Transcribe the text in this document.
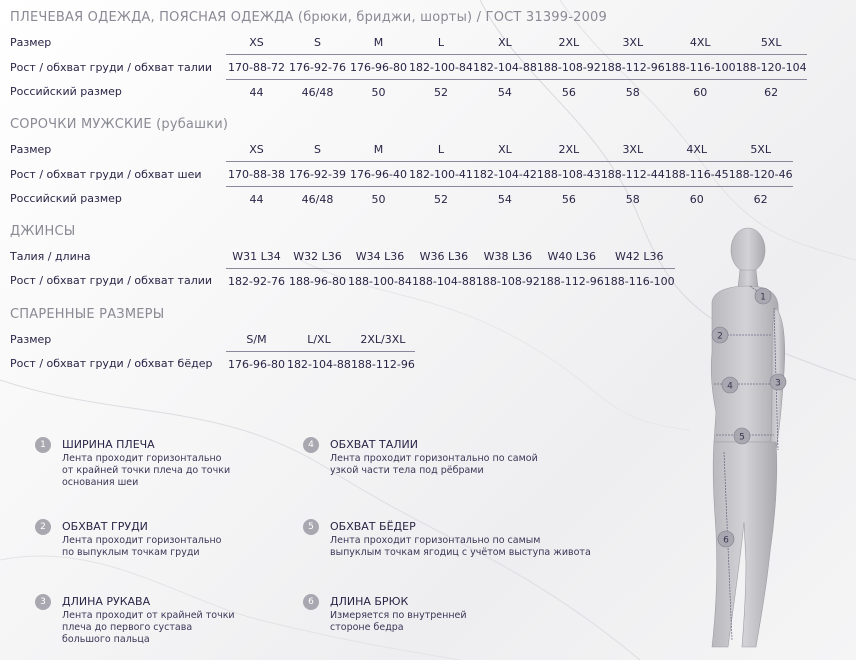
ПЛЕЧЕВАЯ ОДЕЖДА, ПОЯСНАЯ ОДЕЖДА (брюки, бриджи, шорты) / ГОСТ 31399-2009
Размер	XS	S	M	L	XL	2XL	3XL	4XL	5XL
Рост / обхват груди / обхват талии	170-88-72	176-92-76	176-96-80	182-100-84	182-104-88	188-108-92	188-112-96	188-116-100	188-120-104
Российский размер	44	46/48	50	52	54	56	58	60	62
СОРОЧКИ МУЖСКИЕ (рубашки)
Размер	XS	S	M	L	XL	2XL	3XL	4XL	5XL
Рост / обхват груди / обхват шеи	170-88-38	176-92-39	176-96-40	182-100-41	182-104-42	188-108-43	188-112-44	188-116-45	188-120-46
Российский размер	44	46/48	50	52	54	56	58	60	62
ДЖИНСЫ
Талия / длина	W31 L34	W32 L36	W34 L36	W36 L36	W38 L36	W40 L36	W42 L36
Рост / обхват груди / обхват талии	182-92-76	188-96-80	188-100-84	188-104-88	188-108-92	188-112-96	188-116-100
СПАРЕННЫЕ РАЗМЕРЫ
Размер	S/M	L/XL	2XL/3XL
Рост / обхват груди / обхват бёдер	176-96-80	182-104-88	188-112-96
1	ШИРИНА ПЛЕЧА
Лента проходит горизонтально
от крайней точки плеча до точки
основания шеи
2	ОБХВАТ ГРУДИ
Лента проходит горизонтально
по выпуклым точкам груди
3	ДЛИНА РУКАВА
Лента проходит от крайней точки
плеча до первого сустава
большого пальца
4	ОБХВАТ ТАЛИИ
Лента проходит горизонтально по самой
узкой части тела под рёбрами
5	ОБХВАТ БЁДЕР
Лента проходит горизонтально по самым
выпуклым точкам ягодиц с учётом выступа живота
6	ДЛИНА БРЮК
Измеряется по внутренней
стороне бедра
1
2
3
4
5
6
